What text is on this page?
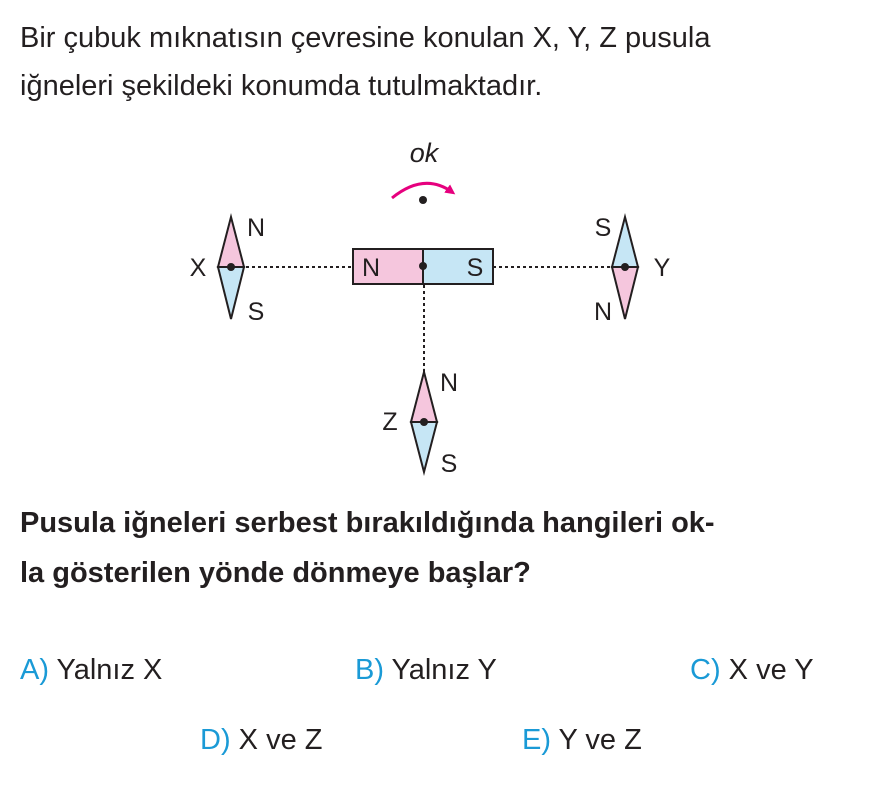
Bir çubuk mıknatısın çevresine konulan X, Y, Z pusula
iğneleri şekildeki konumda tutulmaktadır.
ok
N	S
X
N
S
Y
S
N
Z
N
S
Pusula iğneleri serbest bırakıldığında hangileri ok-
la gösterilen yönde dönmeye başlar?
A) Yalnız X	B) Yalnız Y	C) X ve Y
D) X ve Z	E) Y ve Z
